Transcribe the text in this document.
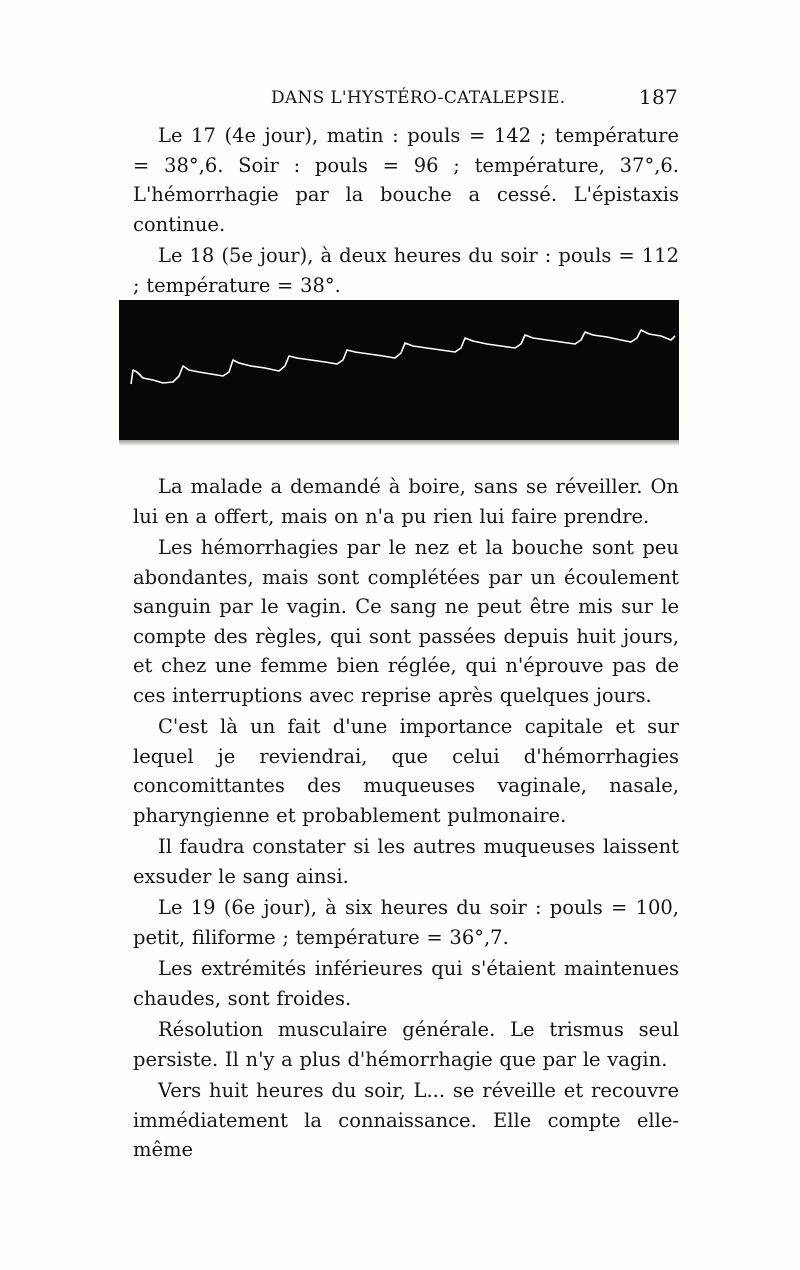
DANS L'HYSTÉRO-CATALEPSIE.	187

Le 17 (4e jour), matin : pouls = 142 ; température = 38°,6. Soir : pouls = 96 ; température, 37°,6. L'hémorrhagie par la bouche a cessé. L'épistaxis continue.

Le 18 (5e jour), à deux heures du soir : pouls = 112 ; température = 38°.

La malade a demandé à boire, sans se réveiller. On lui en a offert, mais on n'a pu rien lui faire prendre.

Les hémorrhagies par le nez et la bouche sont peu abondantes, mais sont complétées par un écoulement sanguin par le vagin. Ce sang ne peut être mis sur le compte des règles, qui sont passées depuis huit jours, et chez une femme bien réglée, qui n'éprouve pas de ces interruptions avec reprise après quelques jours.

C'est là un fait d'une importance capitale et sur lequel je reviendrai, que celui d'hémorrhagies concomittantes des muqueuses vaginale, nasale, pharyngienne et probablement pulmonaire.

Il faudra constater si les autres muqueuses laissent exsuder le sang ainsi.

Le 19 (6e jour), à six heures du soir : pouls = 100, petit, filiforme ; température = 36°,7.

Les extrémités inférieures qui s'étaient maintenues chaudes, sont froides.

Résolution musculaire générale. Le trismus seul persiste. Il n'y a plus d'hémorrhagie que par le vagin.

Vers huit heures du soir, L... se réveille et recouvre immédiatement la connaissance. Elle compte elle-même
